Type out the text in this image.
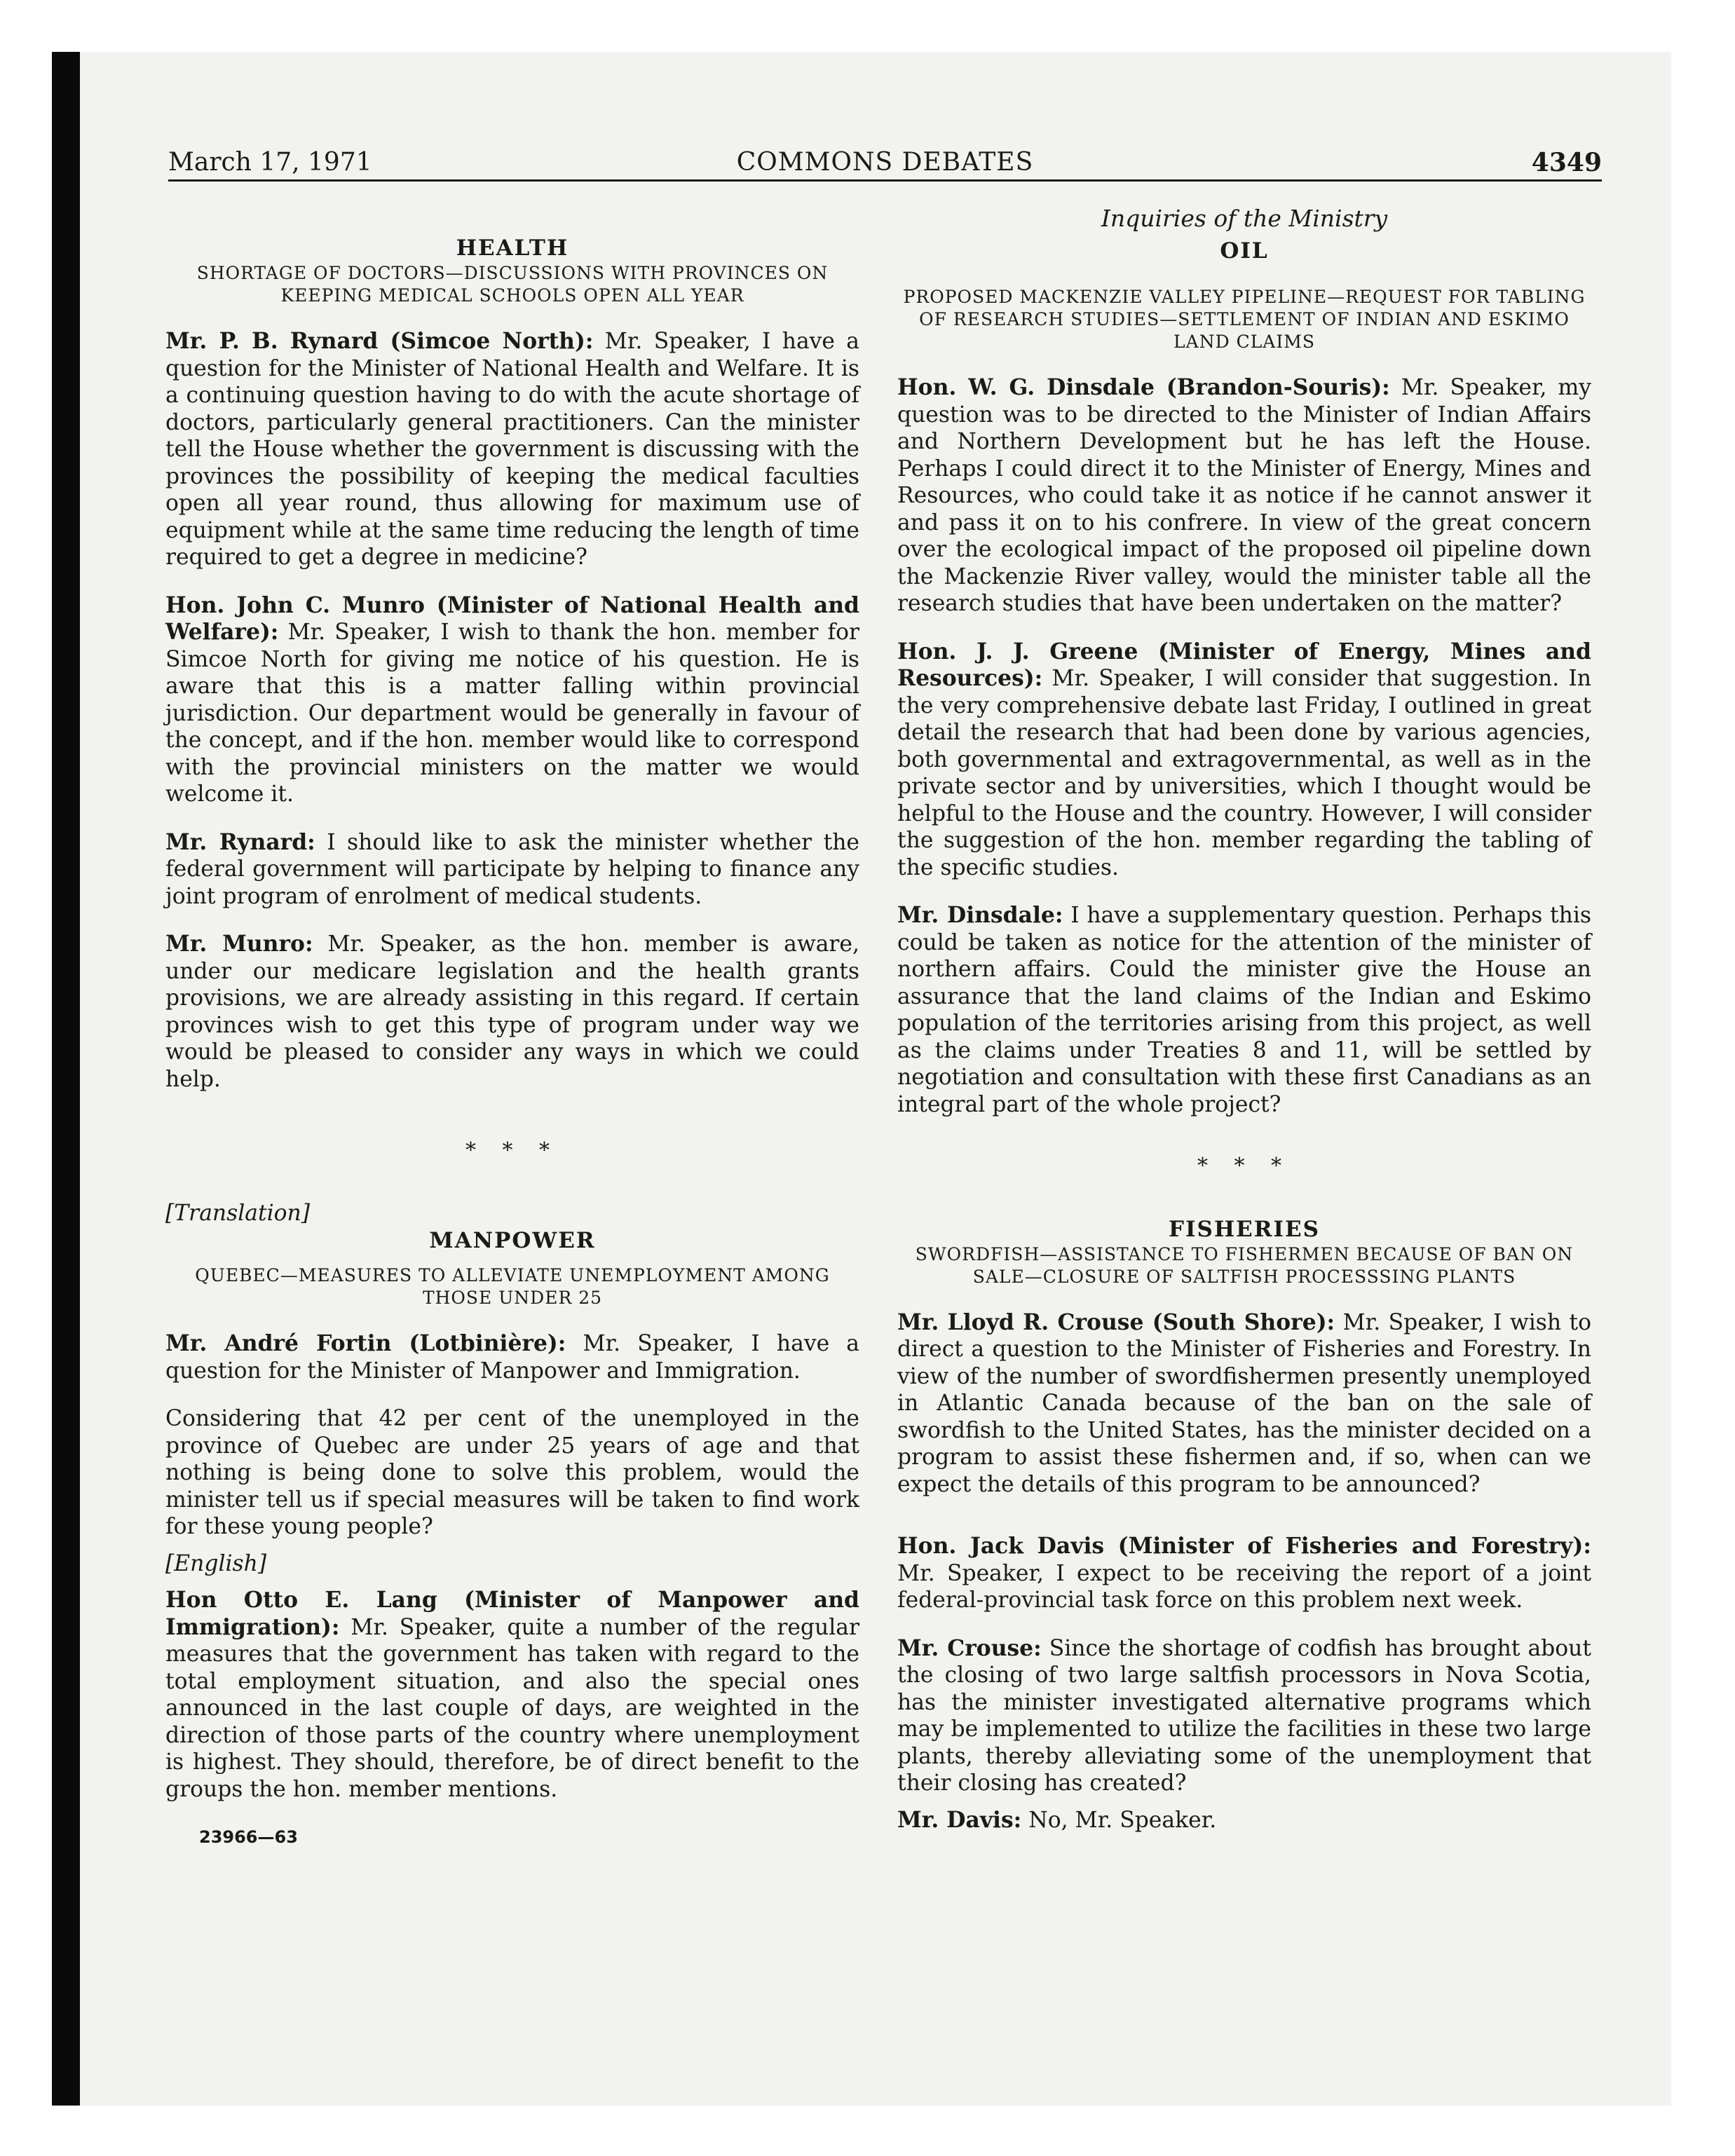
March 17, 1971	COMMONS DEBATES	4349
HEALTH
SHORTAGE OF DOCTORS—DISCUSSIONS WITH PROVINCES ON KEEPING MEDICAL SCHOOLS OPEN ALL YEAR

Mr. P. B. Rynard (Simcoe North): Mr. Speaker, I have a question for the Minister of National Health and Welfare. It is a continuing question having to do with the acute shortage of doctors, particularly general practitioners. Can the minister tell the House whether the government is discussing with the provinces the possibility of keeping the medical faculties open all year round, thus allowing for maximum use of equipment while at the same time reducing the length of time required to get a degree in medicine?

Hon. John C. Munro (Minister of National Health and Welfare): Mr. Speaker, I wish to thank the hon. member for Simcoe North for giving me notice of his question. He is aware that this is a matter falling within provincial jurisdiction. Our department would be generally in favour of the concept, and if the hon. member would like to correspond with the provincial ministers on the matter we would welcome it.

Mr. Rynard: I should like to ask the minister whether the federal government will participate by helping to finance any joint program of enrolment of medical students.

Mr. Munro: Mr. Speaker, as the hon. member is aware, under our medicare legislation and the health grants provisions, we are already assisting in this regard. If certain provinces wish to get this type of program under way we would be pleased to consider any ways in which we could help.

* * *

[Translation]

MANPOWER
QUEBEC—MEASURES TO ALLEVIATE UNEMPLOYMENT AMONG THOSE UNDER 25

Mr. André Fortin (Lotbinière): Mr. Speaker, I have a question for the Minister of Manpower and Immigration.

Considering that 42 per cent of the unemployed in the province of Quebec are under 25 years of age and that nothing is being done to solve this problem, would the minister tell us if special measures will be taken to find work for these young people?

[English]

Hon Otto E. Lang (Minister of Manpower and Immigration): Mr. Speaker, quite a number of the regular measures that the government has taken with regard to the total employment situation, and also the special ones announced in the last couple of days, are weighted in the direction of those parts of the country where unemployment is highest. They should, therefore, be of direct benefit to the groups the hon. member mentions.

23966—63
Inquiries of the Ministry
OIL
PROPOSED MACKENZIE VALLEY PIPELINE—REQUEST FOR TABLING OF RESEARCH STUDIES—SETTLEMENT OF INDIAN AND ESKIMO LAND CLAIMS

Hon. W. G. Dinsdale (Brandon-Souris): Mr. Speaker, my question was to be directed to the Minister of Indian Affairs and Northern Development but he has left the House. Perhaps I could direct it to the Minister of Energy, Mines and Resources, who could take it as notice if he cannot answer it and pass it on to his confrere. In view of the great concern over the ecological impact of the proposed oil pipeline down the Mackenzie River valley, would the minister table all the research studies that have been undertaken on the matter?

Hon. J. J. Greene (Minister of Energy, Mines and Resources): Mr. Speaker, I will consider that suggestion. In the very comprehensive debate last Friday, I outlined in great detail the research that had been done by various agencies, both governmental and extragovernmental, as well as in the private sector and by universities, which I thought would be helpful to the House and the country. However, I will consider the suggestion of the hon. member regarding the tabling of the specific studies.

Mr. Dinsdale: I have a supplementary question. Perhaps this could be taken as notice for the attention of the minister of northern affairs. Could the minister give the House an assurance that the land claims of the Indian and Eskimo population of the territories arising from this project, as well as the claims under Treaties 8 and 11, will be settled by negotiation and consultation with these first Canadians as an integral part of the whole project?

* * *
FISHERIES
SWORDFISH—ASSISTANCE TO FISHERMEN BECAUSE OF BAN ON SALE—CLOSURE OF SALTFISH PROCESSSING PLANTS

Mr. Lloyd R. Crouse (South Shore): Mr. Speaker, I wish to direct a question to the Minister of Fisheries and Forestry. In view of the number of swordfishermen presently unemployed in Atlantic Canada because of the ban on the sale of swordfish to the United States, has the minister decided on a program to assist these fishermen and, if so, when can we expect the details of this program to be announced?

Hon. Jack Davis (Minister of Fisheries and Forestry): Mr. Speaker, I expect to be receiving the report of a joint federal-provincial task force on this problem next week.

Mr. Crouse: Since the shortage of codfish has brought about the closing of two large saltfish processors in Nova Scotia, has the minister investigated alternative programs which may be implemented to utilize the facilities in these two large plants, thereby alleviating some of the unemployment that their closing has created?

Mr. Davis: No, Mr. Speaker.
